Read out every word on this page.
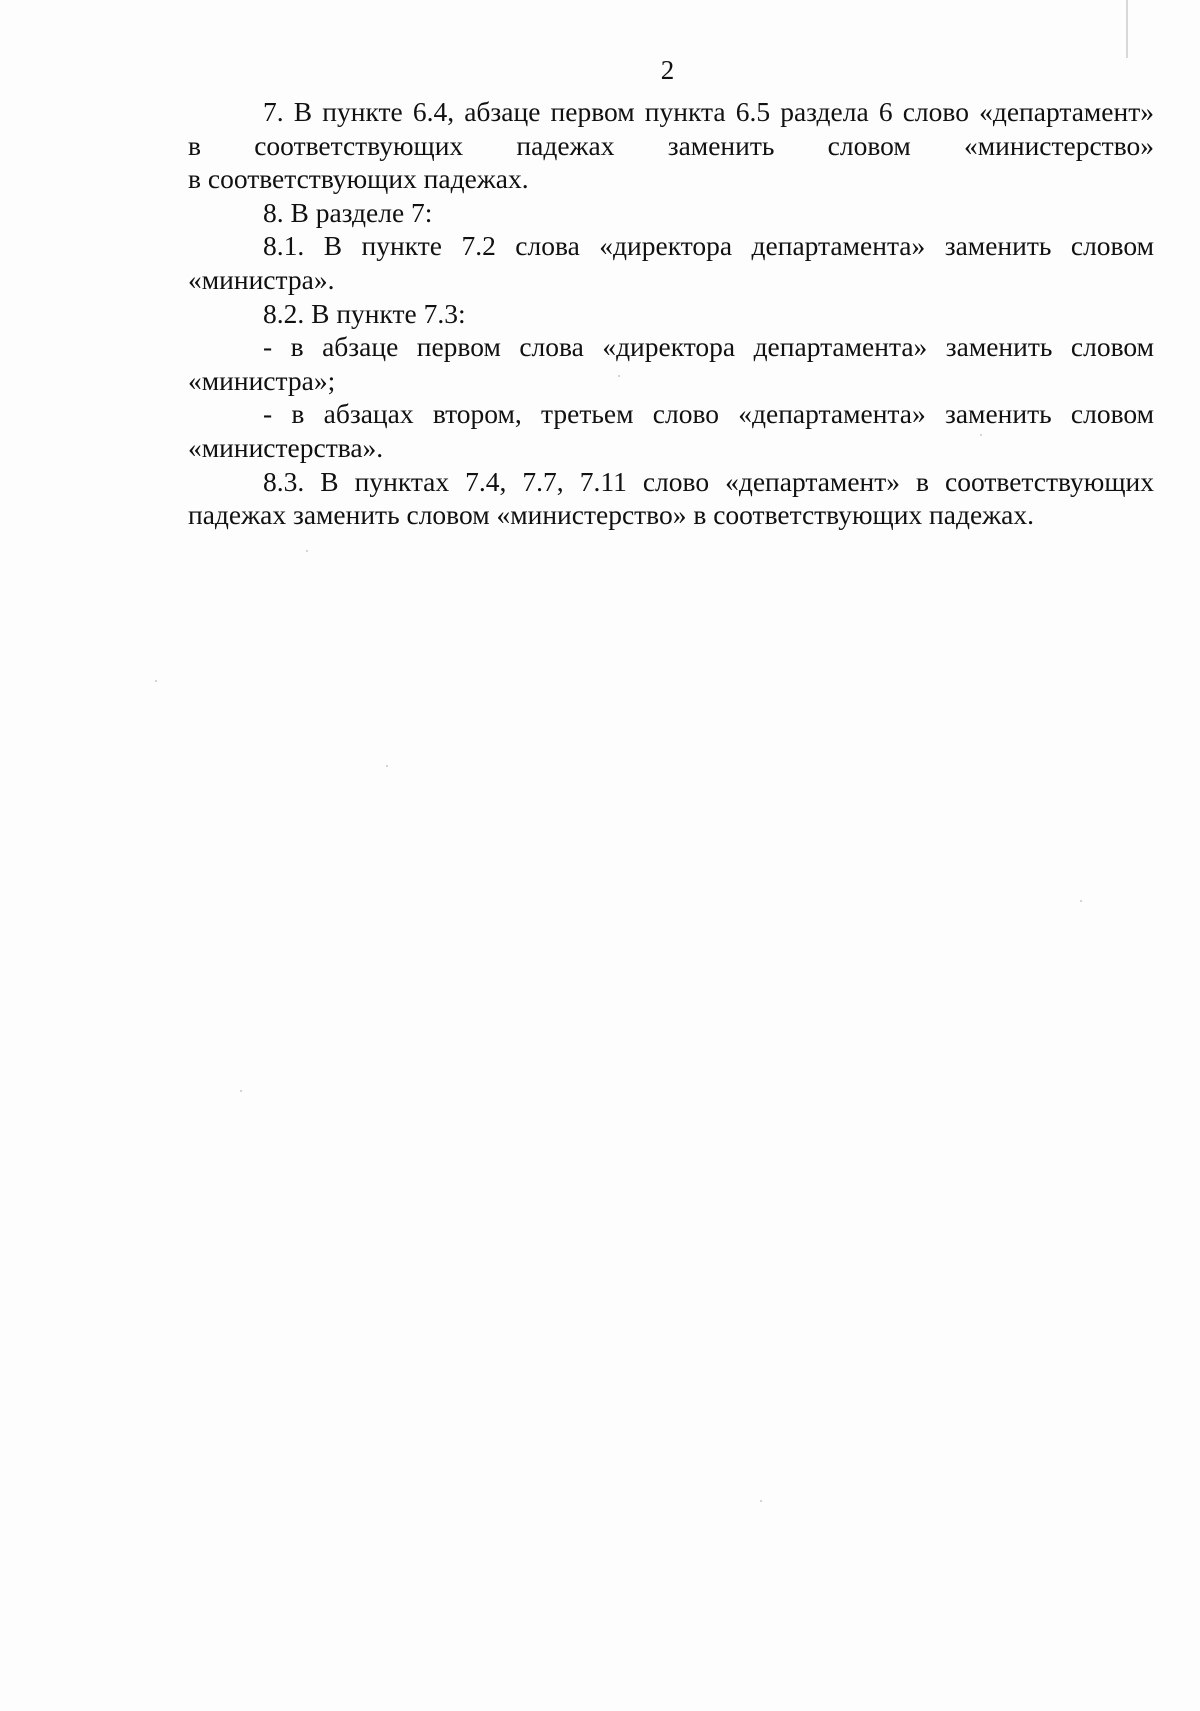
2
7. В пункте 6.4, абзаце первом пункта 6.5 раздела 6 слово «департамент»
в соответствующих падежах заменить словом «министерство»
в соответствующих падежах.
8. В разделе 7:
8.1. В пункте 7.2 слова «директора департамента» заменить словом
«министра».
8.2. В пункте 7.3:
- в абзаце первом слова «директора департамента» заменить словом
«министра»;
- в абзацах втором, третьем слово «департамента» заменить словом
«министерства».
8.3. В пунктах 7.4, 7.7, 7.11 слово «департамент» в соответствующих
падежах заменить словом «министерство» в соответствующих падежах.
